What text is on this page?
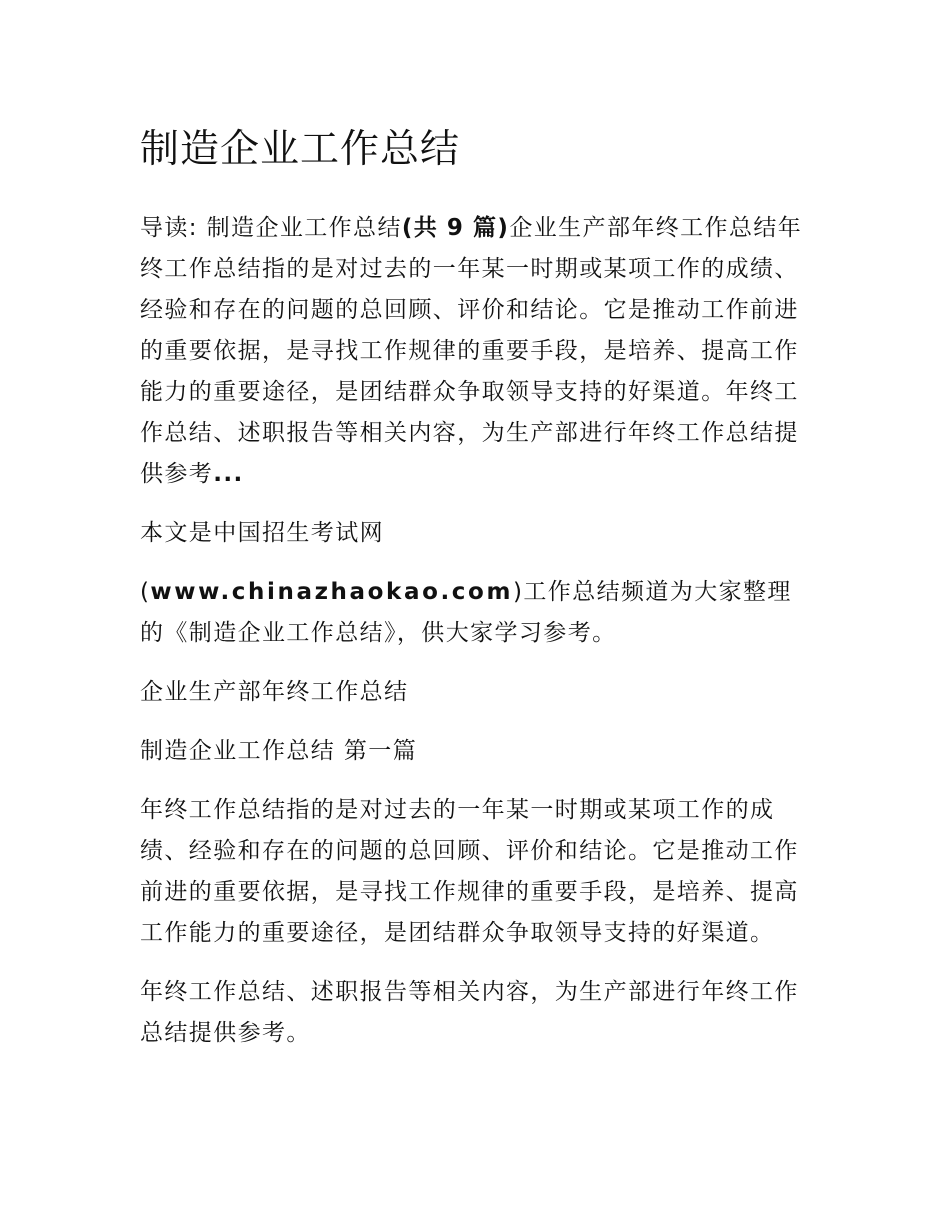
制造企业工作总结

导读: 制造企业工作总结(共 9 篇)企业生产部年终工作总结年终工作总结指的是对过去的一年某一时期或某项工作的成绩、经验和存在的问题的总回顾、评价和结论。它是推动工作前进的重要依据，是寻找工作规律的重要手段，是培养、提高工作能力的重要途径，是团结群众争取领导支持的好渠道。年终工作总结、述职报告等相关内容，为生产部进行年终工作总结提供参考...

本文是中国招生考试网

(www.chinazhaokao.com)工作总结频道为大家整理的《制造企业工作总结》，供大家学习参考。

企业生产部年终工作总结

制造企业工作总结 第一篇

年终工作总结指的是对过去的一年某一时期或某项工作的成绩、经验和存在的问题的总回顾、评价和结论。它是推动工作前进的重要依据，是寻找工作规律的重要手段，是培养、提高工作能力的重要途径，是团结群众争取领导支持的好渠道。

年终工作总结、述职报告等相关内容，为生产部进行年终工作总结提供参考。
